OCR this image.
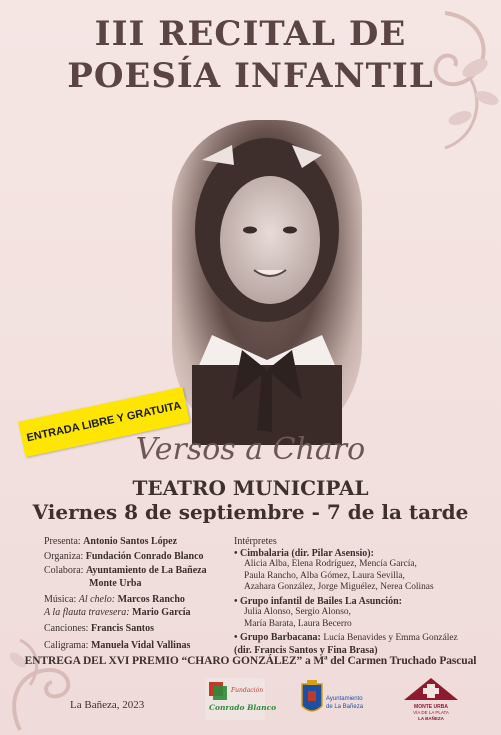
III RECITAL DE
POESÍA INFANTIL
ENTRADA LIBRE Y GRATUITA
Versos a Charo
TEATRO MUNICIPAL
Viernes 8 de septiembre - 7 de la tarde
Presenta: Antonio Santos López
Organiza: Fundación Conrado Blanco
Colabora: Ayuntamiento de La Bañeza
Monte Urba
Música: Al chelo: Marcos Rancho
A la flauta travesera: Mario García
Canciones: Francis Santos
Caligrama: Manuela Vidal Vallinas
Intérpretes
• Cimbalaria (dir. Pilar Asensio):
Alicia Alba, Elena Rodríguez, Mencía García,
Paula Rancho, Alba Gómez, Laura Sevilla,
Azahara González, Jorge Miguélez, Nerea Colinas
• Grupo infantil de Bailes La Asunción:
Julia Alonso, Sergio Alonso,
María Barata, Laura Becerro
• Grupo Barbacana: Lucía Benavides y Emma González
(dir. Francis Santos y Fina Brasa)
ENTREGA DEL XVI PREMIO “CHARO GONZÁLEZ” a Mª del Carmen Truchado Pascual
La Bañeza, 2023
Fundación
Conrado Blanco
Ayuntamiento
de La Bañeza	MONTE URBA
VÍA DE LA PLATA
LA BAÑEZA
